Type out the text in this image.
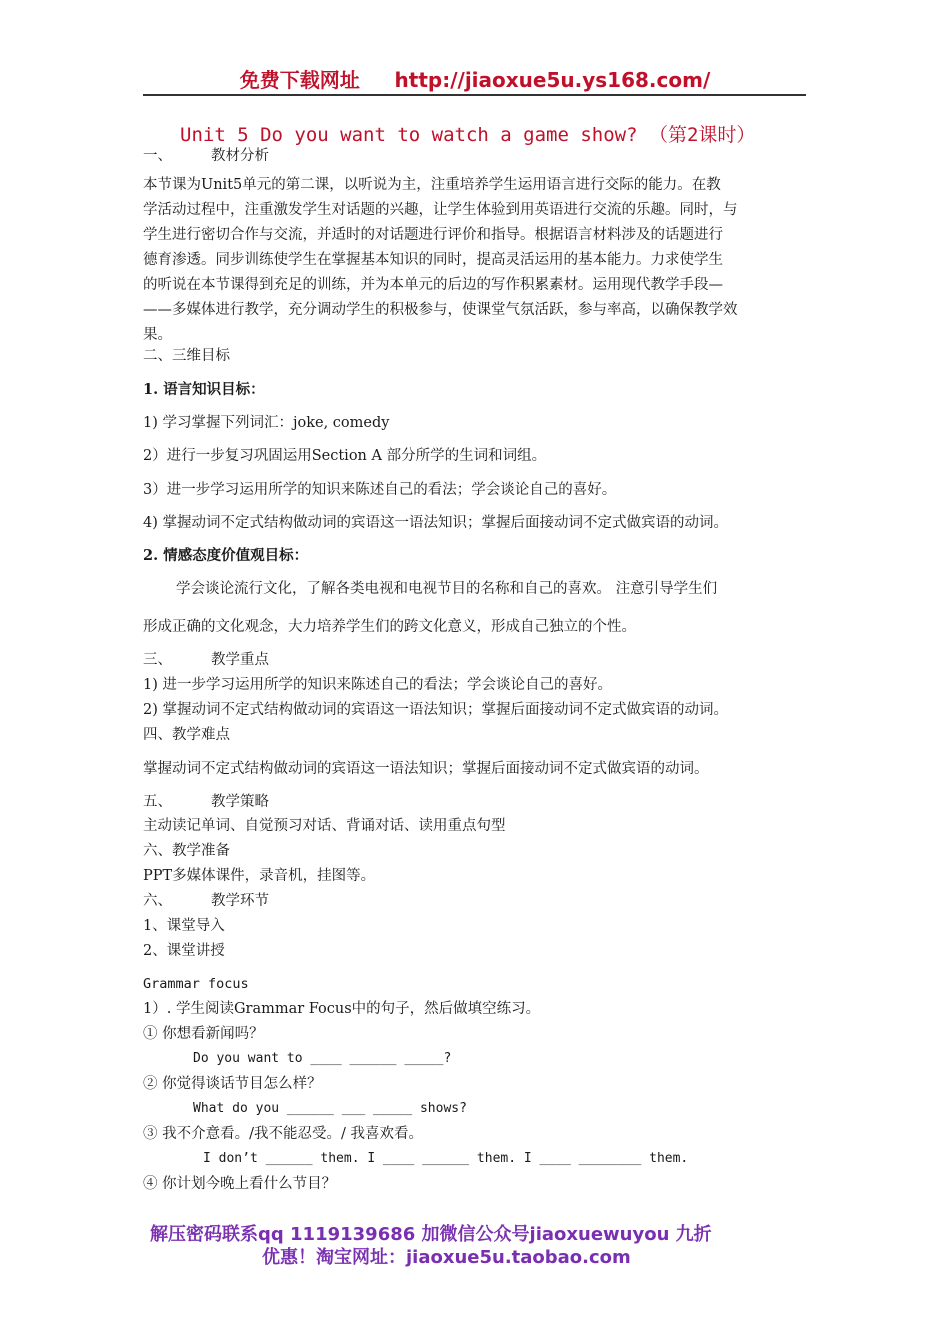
免费下载网址 http://jiaoxue5u.ys168.com/
Unit 5 Do you want to watch a game show? （第2课时）
一、	教材分析
本节课为Unit5单元的第二课，以听说为主，注重培养学生运用语言进行交际的能力。在教
学活动过程中，注重激发学生对话题的兴趣，让学生体验到用英语进行交流的乐趣。同时，与
学生进行密切合作与交流，并适时的对话题进行评价和指导。根据语言材料涉及的话题进行
德育渗透。同步训练使学生在掌握基本知识的同时，提高灵活运用的基本能力。力求使学生
的听说在本节课得到充足的训练，并为本单元的后边的写作积累素材。运用现代教学手段—
——多媒体进行教学，充分调动学生的积极参与，使课堂气氛活跃，参与率高，以确保教学效
果。
二、三维目标
1. 语言知识目标：
1) 学习掌握下列词汇：joke, comedy
2）进行一步复习巩固运用Section A 部分所学的生词和词组。
3）进一步学习运用所学的知识来陈述自己的看法；学会谈论自己的喜好。
4) 掌握动词不定式结构做动词的宾语这一语法知识；掌握后面接动词不定式做宾语的动词。
2. 情感态度价值观目标：
学会谈论流行文化，了解各类电视和电视节目的名称和自己的喜欢。 注意引导学生们
形成正确的文化观念，大力培养学生们的跨文化意义，形成自己独立的个性。
三、	教学重点
1) 进一步学习运用所学的知识来陈述自己的看法；学会谈论自己的喜好。
2) 掌握动词不定式结构做动词的宾语这一语法知识；掌握后面接动词不定式做宾语的动词。
四、教学难点
掌握动词不定式结构做动词的宾语这一语法知识；掌握后面接动词不定式做宾语的动词。
五、	教学策略
主动读记单词、自觉预习对话、背诵对话、读用重点句型
六、教学准备
PPT多媒体课件，录音机，挂图等。
六、	教学环节
1、课堂导入
2、课堂讲授
Grammar focus
1）. 学生阅读Grammar Focus中的句子，然后做填空练习。
① 你想看新闻吗？
Do you want to ____ ______ _____?
② 你觉得谈话节目怎么样？
What do you ______ ___ _____ shows?
③ 我不介意看。/我不能忍受。/ 我喜欢看。
I don’t ______ them. I ____ ______ them. I ____ ________ them.
④ 你计划今晚上看什么节目？
解压密码联系qq 1119139686 加微信公众号jiaoxuewuyou 九折
优惠！淘宝网址：jiaoxue5u.taobao.com
